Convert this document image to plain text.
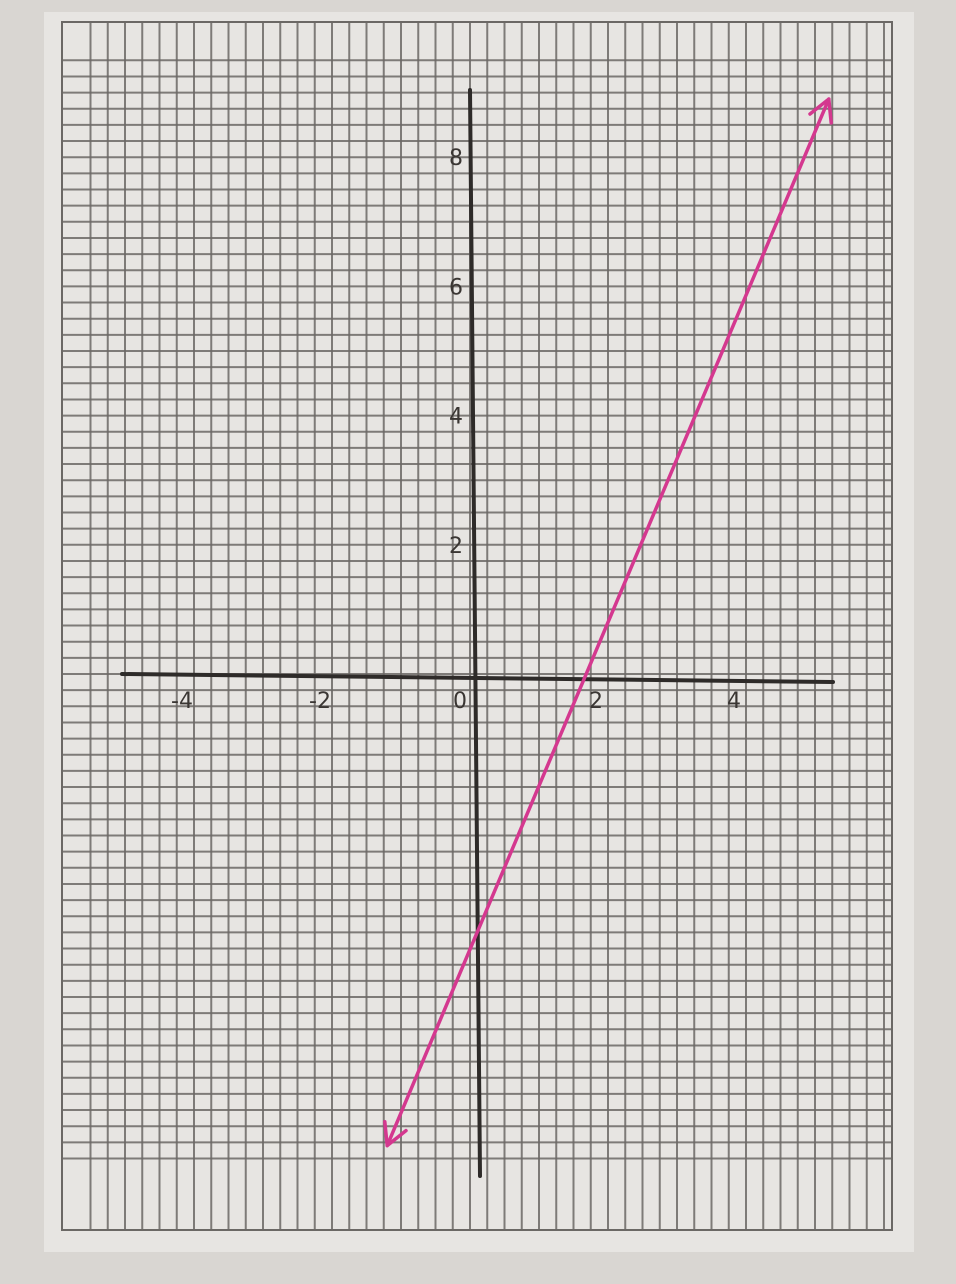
-4	-2	0	2	4
2
4
6
8
